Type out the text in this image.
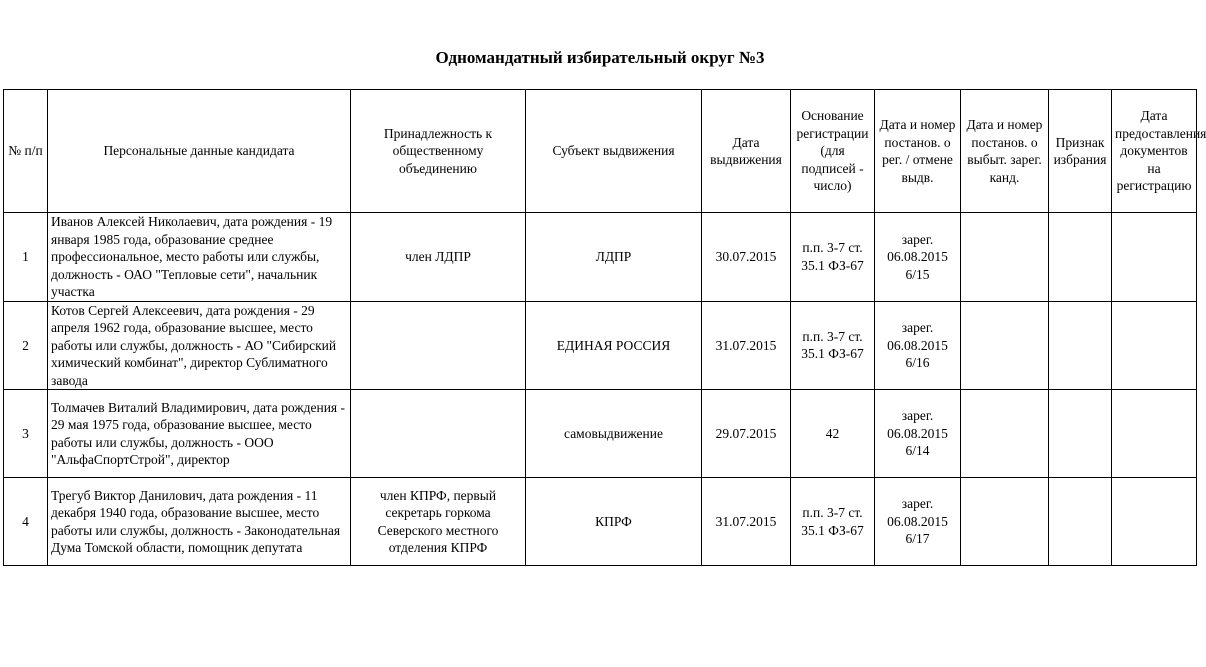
Одномандатный избирательный округ №3
№ п/п	Персональные данные кандидата	Принадлежность к общественному объединению	Субъект выдвижения	Дата выдвижения	Основание регистрации (для подписей - число)	Дата и номер постанов. о рег. / отмене выдв.	Дата и номер постанов. о выбыт. зарег. канд.	Признак избрания	Дата предоставления документов на регистрацию
1	Иванов Алексей Николаевич, дата рождения - 19 января 1985 года, образование среднее профессиональное, место работы или службы, должность - ОАО "Тепловые сети", начальник участка	член ЛДПР	ЛДПР	30.07.2015	п.п. 3-7 ст. 35.1 ФЗ-67	зарег. 06.08.2015 6/15			
2	Котов Сергей Алексеевич, дата рождения - 29 апреля 1962 года, образование высшее, место работы или службы, должность - АО "Сибирский химический комбинат", директор Сублиматного завода		ЕДИНАЯ РОССИЯ	31.07.2015	п.п. 3-7 ст. 35.1 ФЗ-67	зарег. 06.08.2015 6/16			
3	Толмачев Виталий Владимирович, дата рождения - 29 мая 1975 года, образование высшее, место работы или службы, должность - ООО "АльфаСпортСтрой", директор		самовыдвижение	29.07.2015	42	зарег. 06.08.2015 6/14			
4	Трегуб Виктор Данилович, дата рождения - 11 декабря 1940 года, образование высшее, место работы или службы, должность - Законодательная Дума Томской области, помощник депутата	член КПРФ, первый секретарь горкома Северского местного отделения КПРФ	КПРФ	31.07.2015	п.п. 3-7 ст. 35.1 ФЗ-67	зарег. 06.08.2015 6/17			
